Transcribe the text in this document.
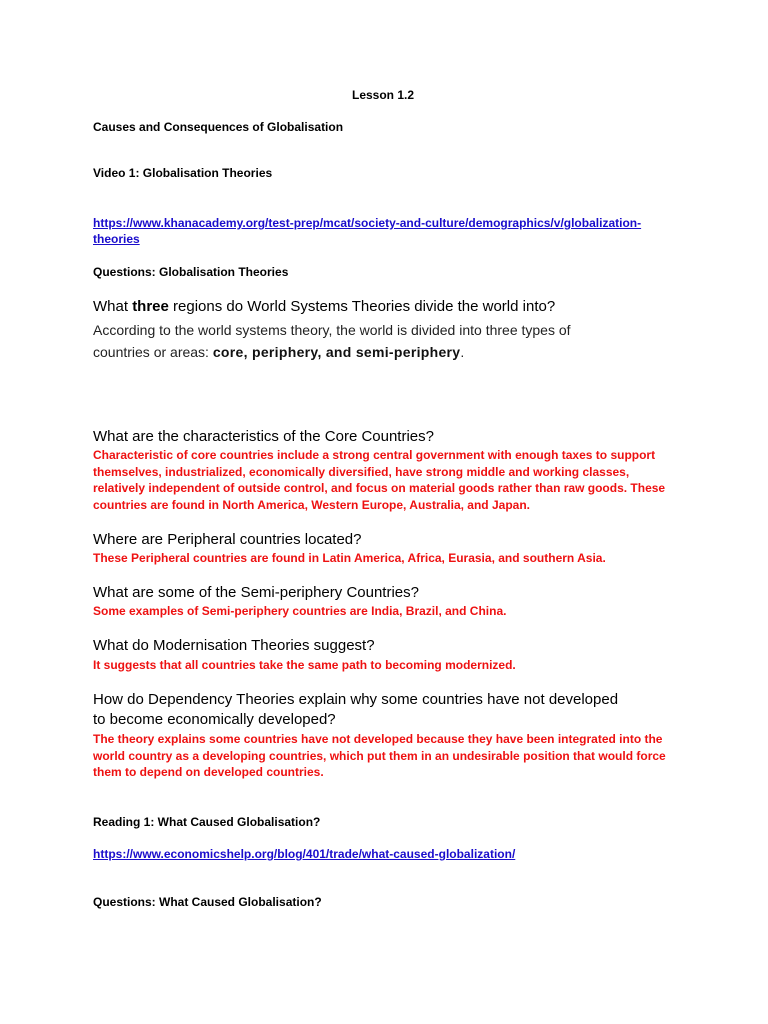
Lesson 1.2
Causes and Consequences of Globalisation
Video 1: Globalisation Theories
https://www.khanacademy.org/test-prep/mcat/society-and-culture/demographics/v/globalization-
theories
Questions: Globalisation Theories
What three regions do World Systems Theories divide the world into?
According to the world systems theory, the world is divided into three types of
countries or areas: core, periphery, and semi-periphery.
What are the characteristics of the Core Countries?
Characteristic of core countries include a strong central government with enough taxes to support themselves, industrialized, economically diversified, have strong middle and working classes, relatively independent of outside control, and focus on material goods rather than raw goods. These countries are found in North America, Western Europe, Australia, and Japan.
Where are Peripheral countries located?
These Peripheral countries are found in Latin America, Africa, Eurasia, and southern Asia.
What are some of the Semi-periphery Countries?
Some examples of Semi-periphery countries are India, Brazil, and China.
What do Modernisation Theories suggest?
It suggests that all countries take the same path to becoming modernized.
How do Dependency Theories explain why some countries have not developed
to become economically developed?
The theory explains some countries have not developed because they have been integrated into the world country as a developing countries, which put them in an undesirable position that would force them to depend on developed countries.
Reading 1: What Caused Globalisation?
https://www.economicshelp.org/blog/401/trade/what-caused-globalization/
Questions: What Caused Globalisation?
